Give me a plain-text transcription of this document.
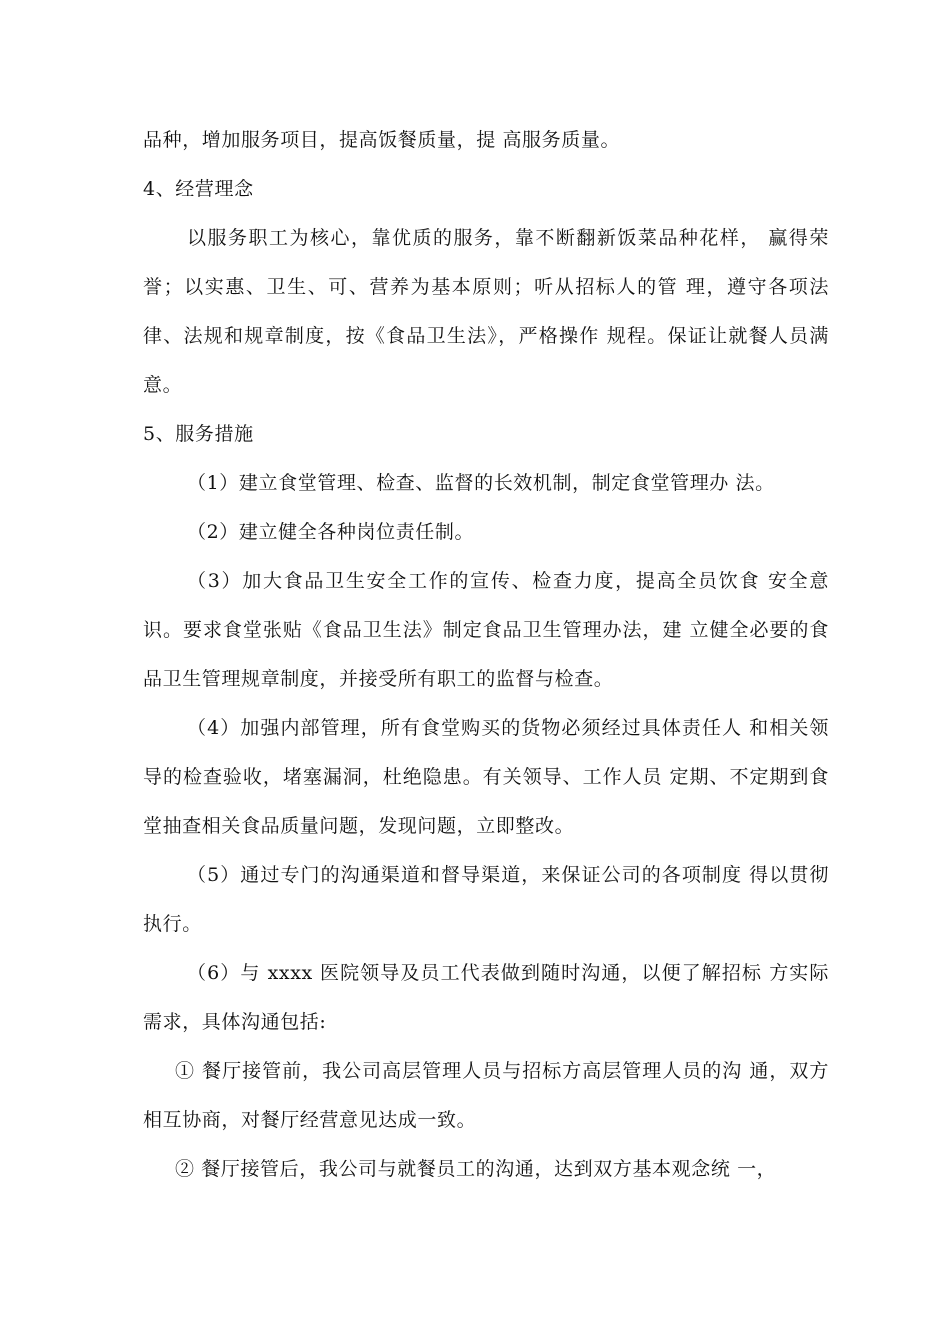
品种，增加服务项目，提高饭餐质量，提 高服务质量。

4、经营理念

以服务职工为核心，靠优质的服务，靠不断翻新饭菜品种花样， 赢得荣誉；以实惠、卫生、可、营养为基本原则；听从招标人的管 理，遵守各项法律、法规和规章制度，按《食品卫生法》，严格操作 规程。保证让就餐人员满意。

5、服务措施

（1）建立食堂管理、检查、监督的长效机制，制定食堂管理办 法。

（2）建立健全各种岗位责任制。

（3）加大食品卫生安全工作的宣传、检查力度，提高全员饮食 安全意识。要求食堂张贴《食品卫生法》制定食品卫生管理办法，建 立健全必要的食品卫生管理规章制度，并接受所有职工的监督与检查。

（4）加强内部管理，所有食堂购买的货物必须经过具体责任人 和相关领导的检查验收，堵塞漏洞，杜绝隐患。有关领导、工作人员 定期、不定期到食堂抽查相关食品质量问题，发现问题，立即整改。

（5）通过专门的沟通渠道和督导渠道，来保证公司的各项制度 得以贯彻执行。

（6）与 xxxx 医院领导及员工代表做到随时沟通，以便了解招标 方实际需求，具体沟通包括:

① 餐厅接管前，我公司高层管理人员与招标方高层管理人员的沟 通，双方相互协商，对餐厅经营意见达成一致。

② 餐厅接管后，我公司与就餐员工的沟通，达到双方基本观念统 一，
